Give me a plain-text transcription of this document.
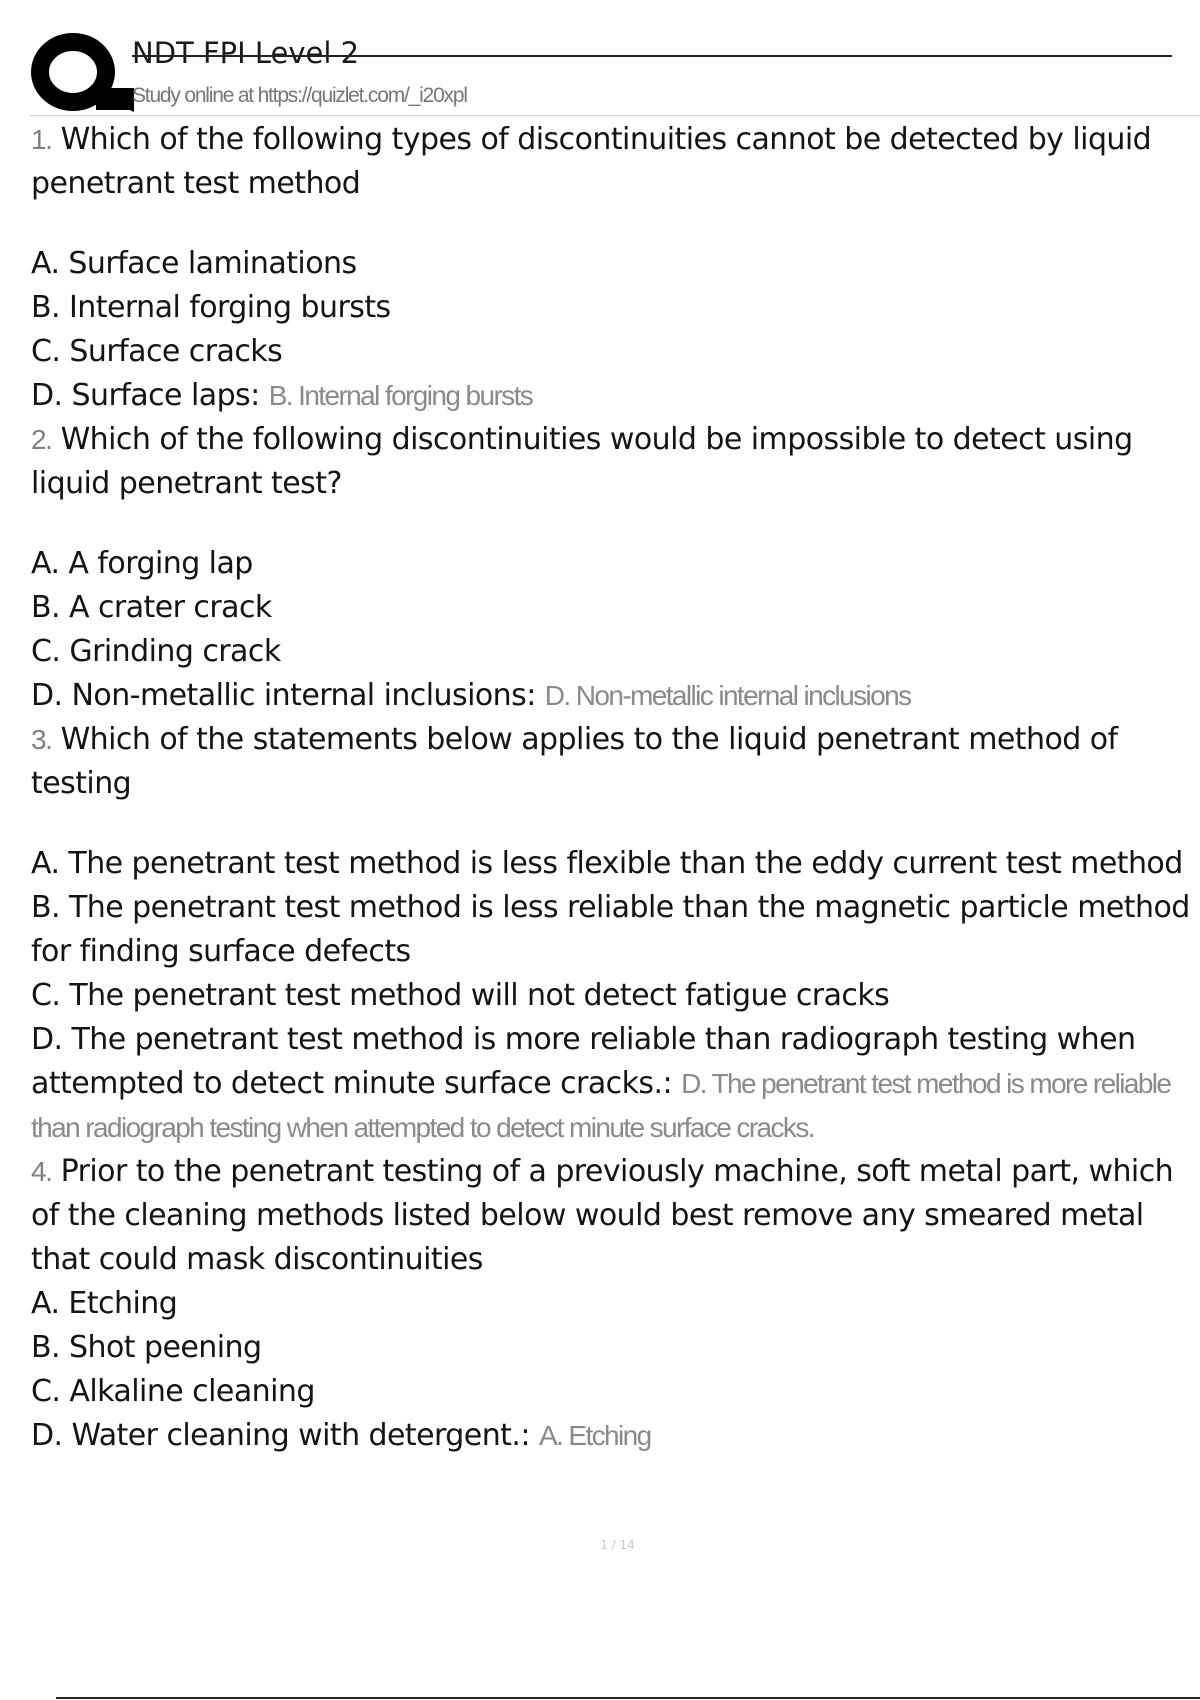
NDT FPI Level 2
Study online at https://quizlet.com/_i20xpl
1. Which of the following types of discontinuities cannot be detected by liquid penetrant test method
A. Surface laminations
B. Internal forging bursts
C. Surface cracks
D. Surface laps: B. Internal forging bursts
2. Which of the following discontinuities would be impossible to detect using liquid penetrant test?
A. A forging lap
B. A crater crack
C. Grinding crack
D. Non-metallic internal inclusions: D. Non-metallic internal inclusions
3. Which of the statements below applies to the liquid penetrant method of testing
A. The penetrant test method is less flexible than the eddy current test method
B. The penetrant test method is less reliable than the magnetic particle method for finding surface defects
C. The penetrant test method will not detect fatigue cracks
D. The penetrant test method is more reliable than radiograph testing when attempted to detect minute surface cracks.: D. The penetrant test method is more reliable than radiograph testing when attempted to detect minute surface cracks.
4. Prior to the penetrant testing of a previously machine, soft metal part, which of the cleaning methods listed below would best remove any smeared metal that could mask discontinuities
A. Etching
B. Shot peening
C. Alkaline cleaning
D. Water cleaning with detergent.: A. Etching
1 / 14
